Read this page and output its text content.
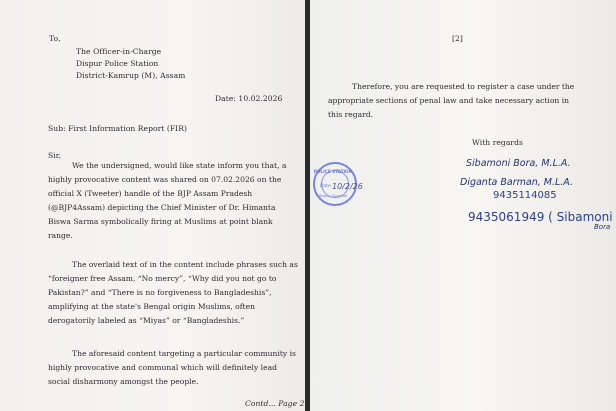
To,
The Officer-in-Charge
Dispur Police Station
District-Kamrup (M), Assam
Date: 10.02.2026
Sub: First Information Report (FIR)
Sir,
We the undersigned, would like state inform you that, a
highly provocative content was shared on 07.02.2026 on the
official X (Tweeter) handle of the BJP Assam Pradesh
(@BJP4Assam) depicting the Chief Minister of Dr. Himanta
Biswa Sarma symbolically firing at Muslims at point blank
range.
The overlaid text of in the content include phrases such as
“foreigner free Assam, “No mercy”, “Why did you not go to
Pakistan?” and “There is no forgiveness to Bangladeshis”,
amplifying at the state's Bengal origin Muslims, often
derogatorily labeled as “Miyas” or “Bangladeshis.”
The aforesaid content targeting a particular community is
highly provocative and communal which will definitely lead
social disharmony amongst the people.
Contd... Page 2
[2]
Therefore, you are requested to register a case under the
appropriate sections of penal law and take necessary action in
this regard.
With regards
Sibamoni Bora, M.L.A.
Diganta Barman, M.L.A.
9435114085
9435061949 ( Sibamoni
Bora
POLICE STATION
Date
Dispur, Guwahati
10/2/26
